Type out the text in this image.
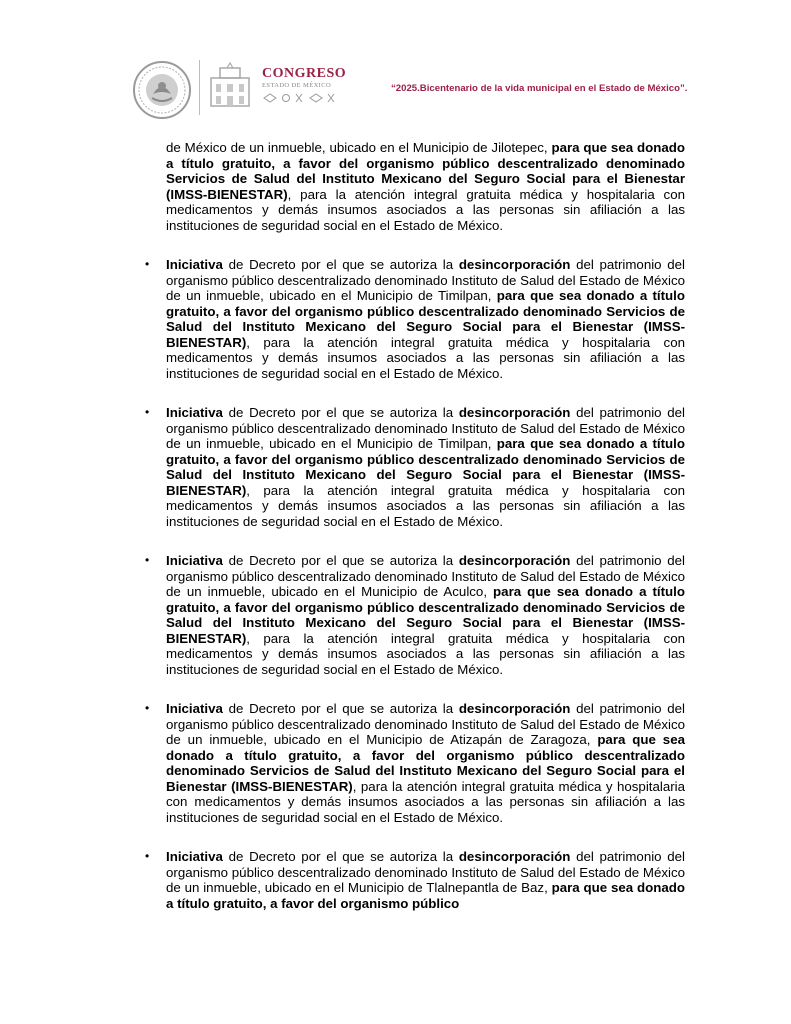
CONGRESO
ESTADO DE MÉXICO	“2025.Bicentenario de la vida municipal en el Estado de México”.
de México de un inmueble, ubicado en el Municipio de Jilotepec, para que sea donado a título gratuito, a favor del organismo público descentralizado denominado Servicios de Salud del Instituto Mexicano del Seguro Social para el Bienestar (IMSS-BIENESTAR), para la atención integral gratuita médica y hospitalaria con medicamentos y demás insumos asociados a las personas sin afiliación a las instituciones de seguridad social en el Estado de México.
• Iniciativa de Decreto por el que se autoriza la desincorporación del patrimonio del organismo público descentralizado denominado Instituto de Salud del Estado de México de un inmueble, ubicado en el Municipio de Timilpan, para que sea donado a título gratuito, a favor del organismo público descentralizado denominado Servicios de Salud del Instituto Mexicano del Seguro Social para el Bienestar (IMSS-BIENESTAR), para la atención integral gratuita médica y hospitalaria con medicamentos y demás insumos asociados a las personas sin afiliación a las instituciones de seguridad social en el Estado de México.
• Iniciativa de Decreto por el que se autoriza la desincorporación del patrimonio del organismo público descentralizado denominado Instituto de Salud del Estado de México de un inmueble, ubicado en el Municipio de Timilpan, para que sea donado a título gratuito, a favor del organismo público descentralizado denominado Servicios de Salud del Instituto Mexicano del Seguro Social para el Bienestar (IMSS-BIENESTAR), para la atención integral gratuita médica y hospitalaria con medicamentos y demás insumos asociados a las personas sin afiliación a las instituciones de seguridad social en el Estado de México.
• Iniciativa de Decreto por el que se autoriza la desincorporación del patrimonio del organismo público descentralizado denominado Instituto de Salud del Estado de México de un inmueble, ubicado en el Municipio de Aculco, para que sea donado a título gratuito, a favor del organismo público descentralizado denominado Servicios de Salud del Instituto Mexicano del Seguro Social para el Bienestar (IMSS-BIENESTAR), para la atención integral gratuita médica y hospitalaria con medicamentos y demás insumos asociados a las personas sin afiliación a las instituciones de seguridad social en el Estado de México.
• Iniciativa de Decreto por el que se autoriza la desincorporación del patrimonio del organismo público descentralizado denominado Instituto de Salud del Estado de México de un inmueble, ubicado en el Municipio de Atizapán de Zaragoza, para que sea donado a título gratuito, a favor del organismo público descentralizado denominado Servicios de Salud del Instituto Mexicano del Seguro Social para el Bienestar (IMSS-BIENESTAR), para la atención integral gratuita médica y hospitalaria con medicamentos y demás insumos asociados a las personas sin afiliación a las instituciones de seguridad social en el Estado de México.
• Iniciativa de Decreto por el que se autoriza la desincorporación del patrimonio del organismo público descentralizado denominado Instituto de Salud del Estado de México de un inmueble, ubicado en el Municipio de Tlalnepantla de Baz, para que sea donado a título gratuito, a favor del organismo público
